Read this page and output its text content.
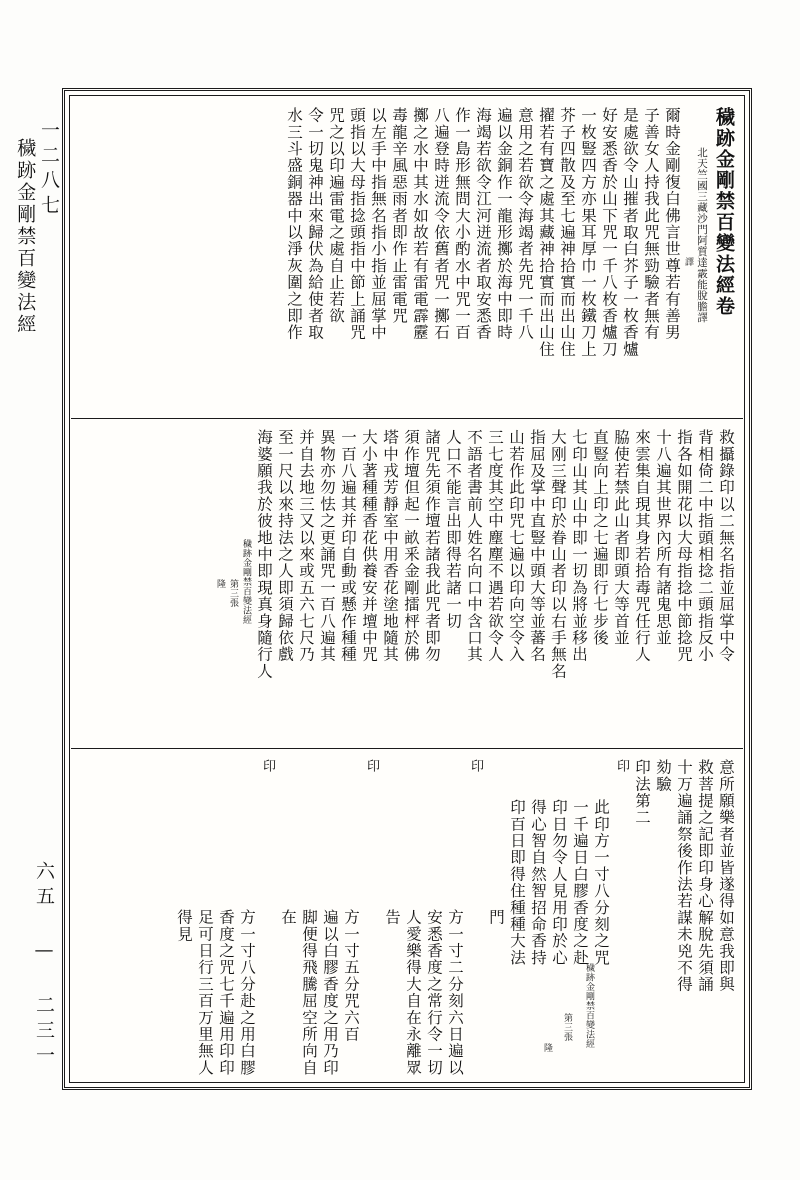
一二八七
穢跡金剛禁百變法經
六五 — 二三一
穢跡金剛禁百變法經卷
北天竺國三藏沙門阿質達霰能脫膽譯
譯
爾時金剛復白佛言世尊若有善男
子善女人持我此咒無勁驗者無有
是處欲令山摧者取白芥子一枚香爐
好安悉香於山下咒一千八枚香爐刀
一枚豎四方亦果耳厚巾一枚鐵刀上
芥子四散及至七遍神拾實而出山住
擢若有寶之處其藏神拾實而出山住
意用之若欲令海竭者先咒一千八
遍以金銅作一龍形擲於海中即時
海竭若欲令江河迸流者取安悉香
作一島形無問大小酌水中咒一百
八遍登時迸流令依舊者咒一擲石
擲之水中其水如故若有雷電霹靂
毒龍辛風惡雨者即作止雷電咒
以左手中指無名指小指並屈掌中
頭指以大母指捻頭指中節上誦咒
咒之以印遍雷電之處自止若欲
令一切鬼神出來歸伏為給使者取
水三斗盛銅器中以淨灰圍之即作
救攝錄印以二無名指並屈掌中令
背相倚二中指頭相捻二頭指反小
指各如開花以大母指捻中節捻咒
十八遍其世界內所有諸鬼思並
來雲集自現其身若拾毒咒任行人
脇使若禁此山者即頭大等首並
直豎向上印之七遍即行七步後
七印山其山中即一切為將並移出
大刚三聲印於眷山者印以右手無名
指屈及掌中直豎中頭大等並蕃名
山若作此印咒七遍以印向空令入
三七度其空中塵塵不遇若欲令人
不語者書前人姓名向口中含口其
人口不能言出即得若諸一切
諸咒先須作壇若諸我此咒者即勿
須作壇但起一畝釆金剛擂枰於佛
塔中戎芳靜室中用香花塗地隨其
大小著種種香花供養安并壇中咒
一百八遍其并印自動或懸作種種
異物亦勿怯之更誦咒一百八遍其
并自去地三又以來或五六七尺乃
至一尺以來持法之人即須歸依戲
海婆願我於彼地中即現真身隨行人
穢跡金剛禁百變法經
第三張
隆
意所願樂者並皆遂得如意我即與
救菩提之記即印身心解脫先須誦
十万遍誦祭後作法若謀未兇不得
劾驗
印法第二
印
此印方一寸八分刻之咒
一千遍日白膠香度之赴
印日勿令人見用印於心
得心智自然智招命香持
印百日即得住種種大法
門
印
方一寸二分刻六日遍以
安悉香度之常行令一切
人愛樂得大自在永離眾
告
印
方一寸五分咒六百
遍以白膠香度之用乃印
脚便得飛騰屈空所向自
在
印
方一寸八分赴之用白膠
香度之咒七千遍用印印
足可日行三百万里無人
得見
穢跡金剛禁百變法經
第三張
隆
